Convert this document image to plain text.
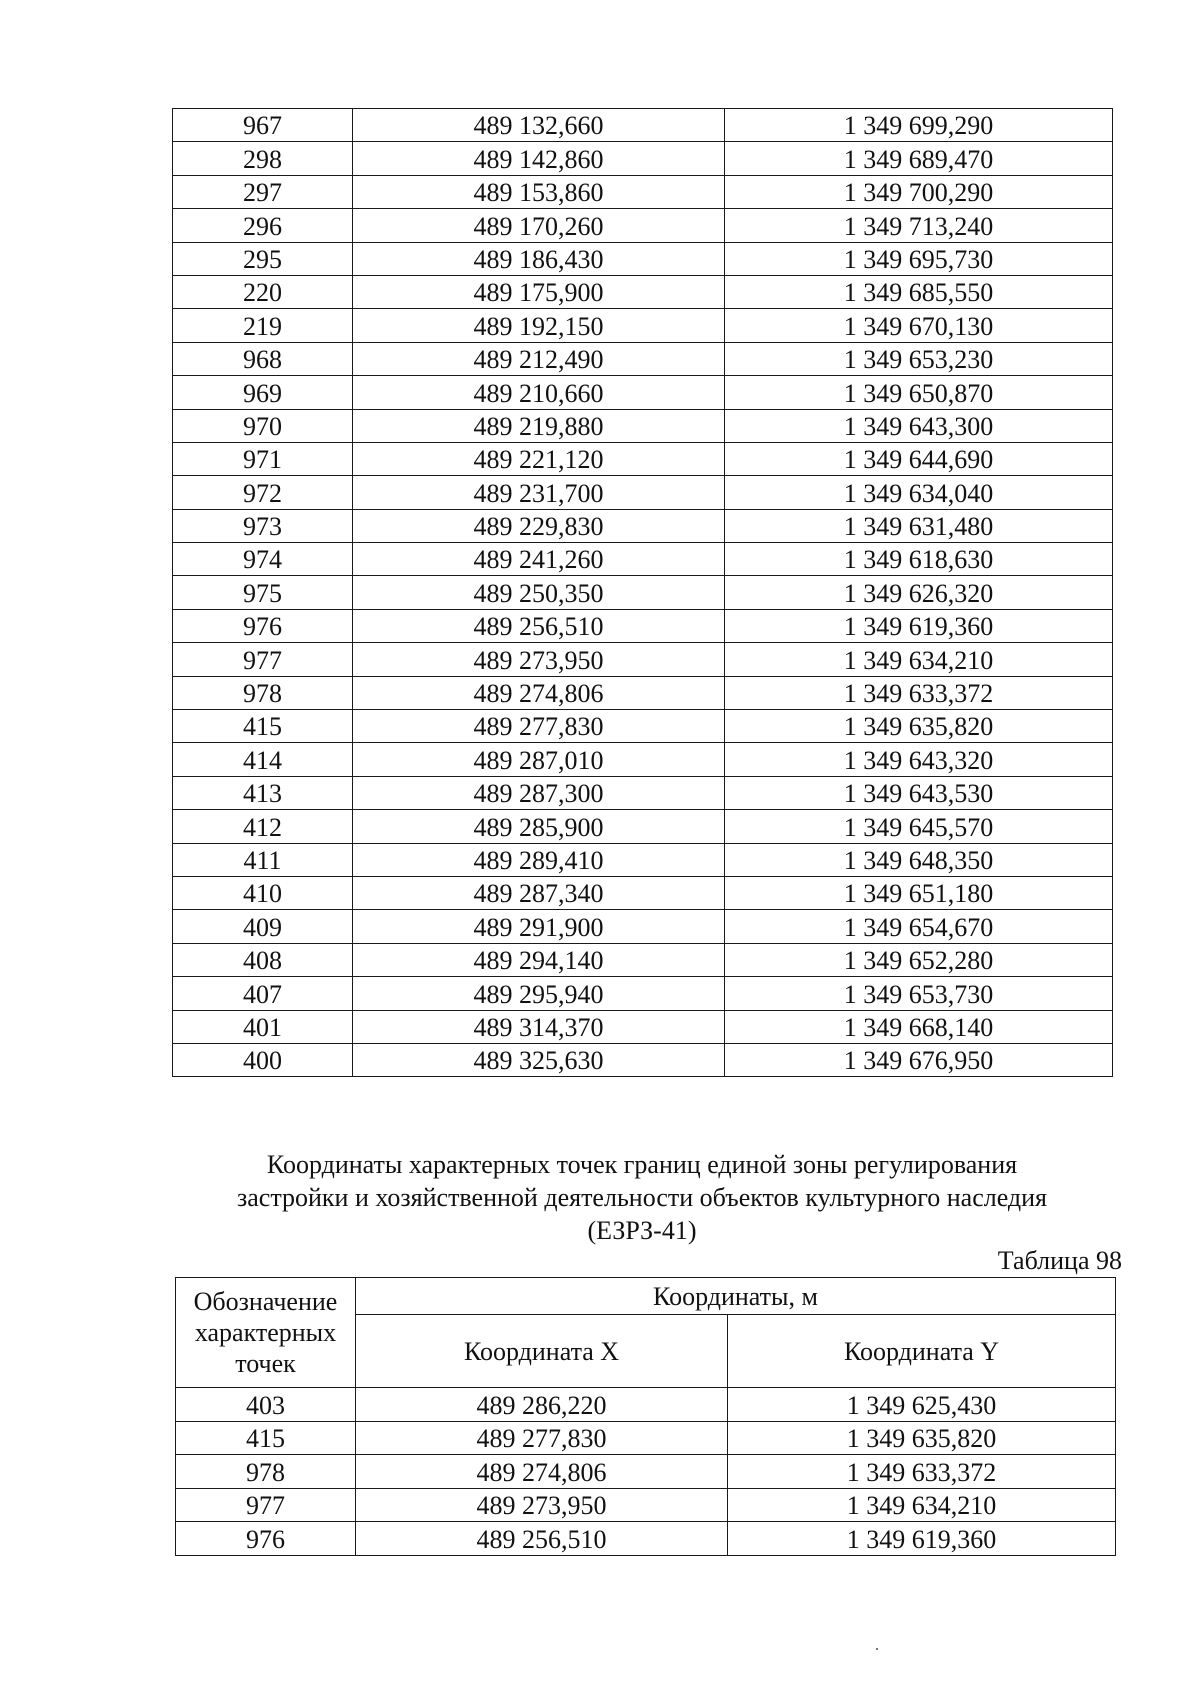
967	489 132,660	1 349 699,290
298	489 142,860	1 349 689,470
297	489 153,860	1 349 700,290
296	489 170,260	1 349 713,240
295	489 186,430	1 349 695,730
220	489 175,900	1 349 685,550
219	489 192,150	1 349 670,130
968	489 212,490	1 349 653,230
969	489 210,660	1 349 650,870
970	489 219,880	1 349 643,300
971	489 221,120	1 349 644,690
972	489 231,700	1 349 634,040
973	489 229,830	1 349 631,480
974	489 241,260	1 349 618,630
975	489 250,350	1 349 626,320
976	489 256,510	1 349 619,360
977	489 273,950	1 349 634,210
978	489 274,806	1 349 633,372
415	489 277,830	1 349 635,820
414	489 287,010	1 349 643,320
413	489 287,300	1 349 643,530
412	489 285,900	1 349 645,570
411	489 289,410	1 349 648,350
410	489 287,340	1 349 651,180
409	489 291,900	1 349 654,670
408	489 294,140	1 349 652,280
407	489 295,940	1 349 653,730
401	489 314,370	1 349 668,140
400	489 325,630	1 349 676,950
Координаты характерных точек границ единой зоны регулирования
застройки и хозяйственной деятельности объектов культурного наследия
(ЕЗРЗ-41)
Таблица 98
Обозначение
характерных
точек	Координаты, м	
	Координата X	Координата Y
403	489 286,220	1 349 625,430
415	489 277,830	1 349 635,820
978	489 274,806	1 349 633,372
977	489 273,950	1 349 634,210
976	489 256,510	1 349 619,360
